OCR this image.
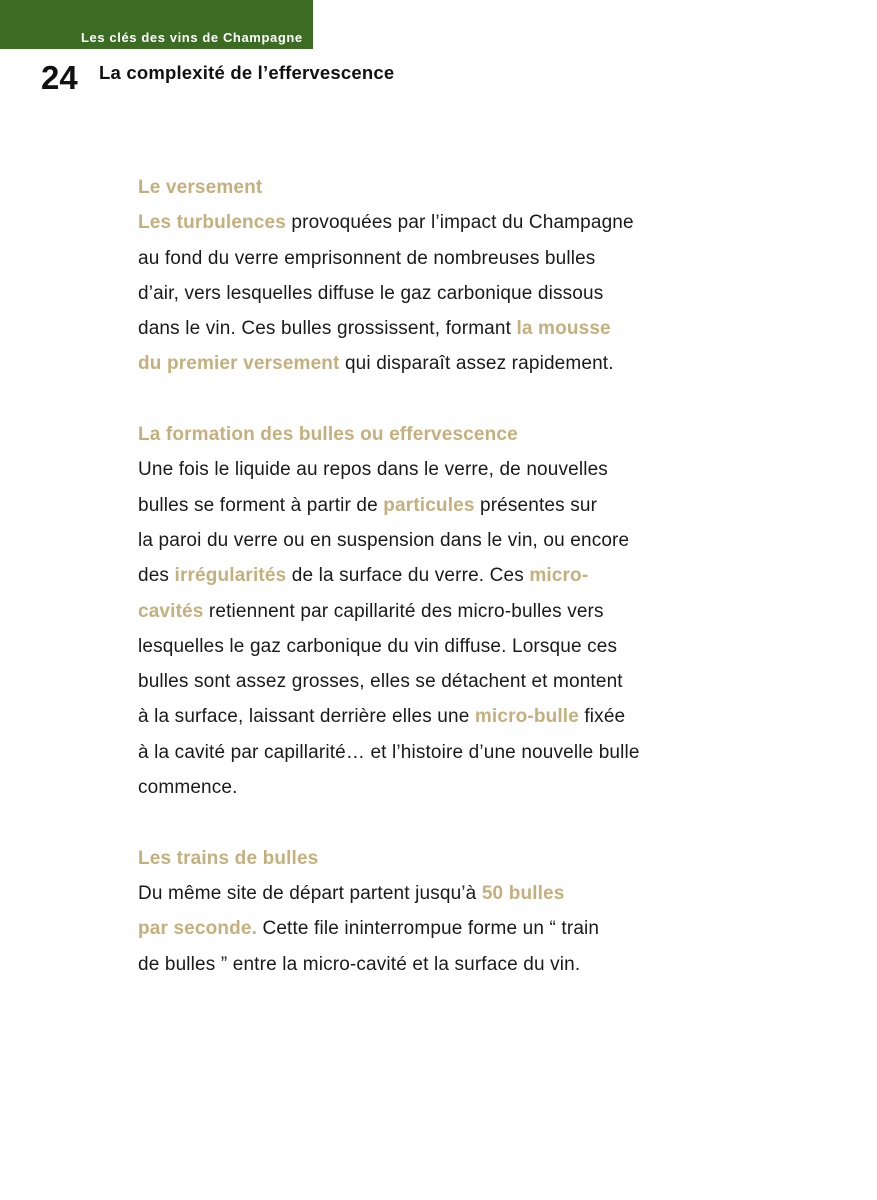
Les clés des vins de Champagne
24 La complexité de l’effervescence
Le versement
Les turbulences provoquées par l’impact du Champagne
au fond du verre emprisonnent de nombreuses bulles
d’air, vers lesquelles diffuse le gaz carbonique dissous
dans le vin. Ces bulles grossissent, formant la mousse
du premier versement qui disparaît assez rapidement.
La formation des bulles ou effervescence
Une fois le liquide au repos dans le verre, de nouvelles
bulles se forment à partir de particules présentes sur
la paroi du verre ou en suspension dans le vin, ou encore
des irrégularités de la surface du verre. Ces micro-
cavités retiennent par capillarité des micro-bulles vers
lesquelles le gaz carbonique du vin diffuse. Lorsque ces
bulles sont assez grosses, elles se détachent et montent
à la surface, laissant derrière elles une micro-bulle fixée
à la cavité par capillarité… et l’histoire d’une nouvelle bulle
commence.
Les trains de bulles
Du même site de départ partent jusqu’à 50 bulles
par seconde. Cette file ininterrompue forme un “ train
de bulles ” entre la micro-cavité et la surface du vin.
